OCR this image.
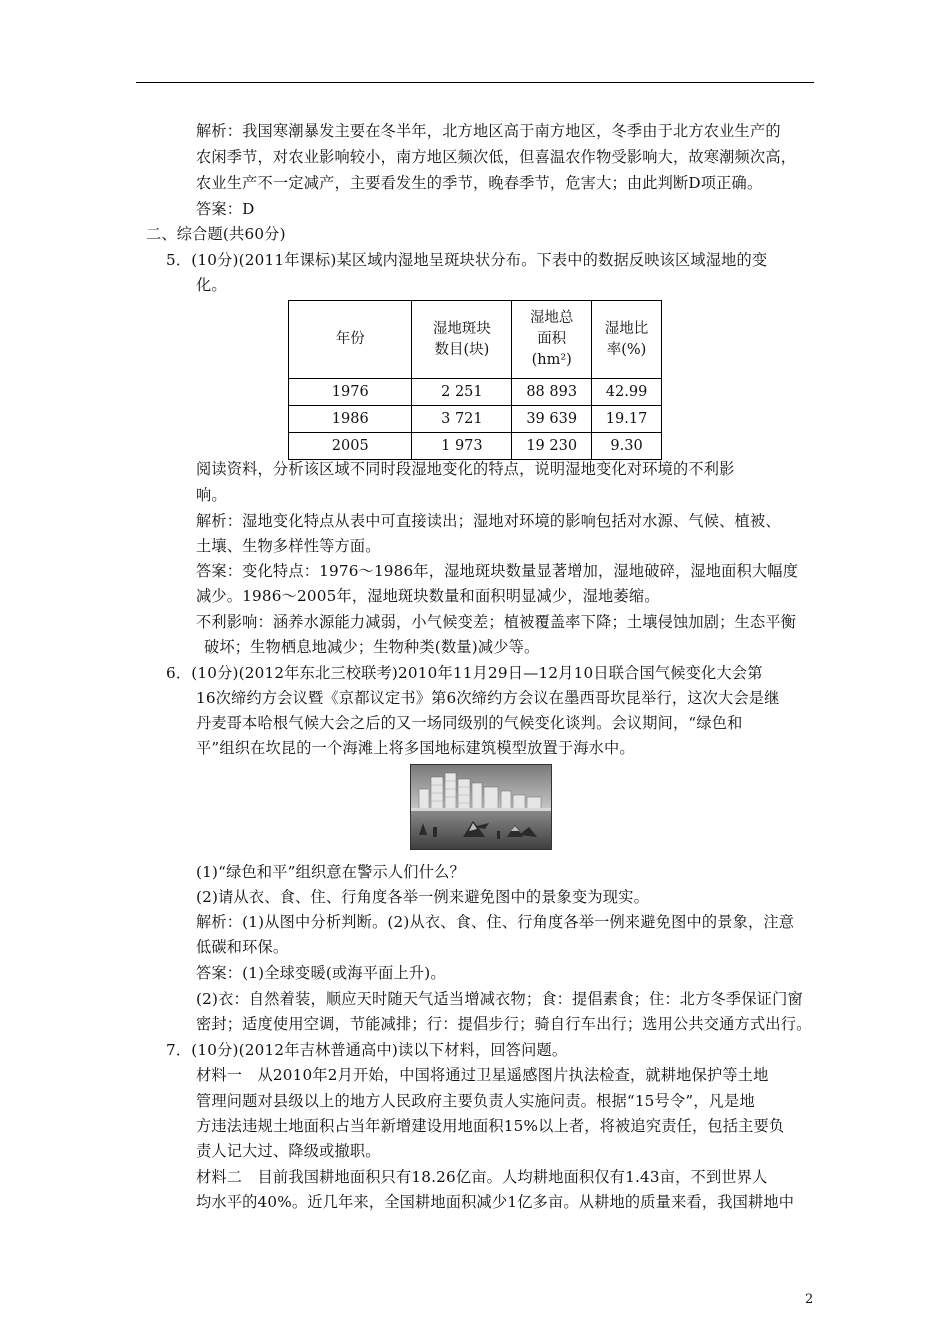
解析：我国寒潮暴发主要在冬半年，北方地区高于南方地区，冬季由于北方农业生产的
农闲季节，对农业影响较小，南方地区频次低，但喜温农作物受影响大，故寒潮频次高，
农业生产不一定减产，主要看发生的季节，晚春季节，危害大；由此判断D项正确。
答案：D
二、综合题(共60分)
5．(10分)(2011年课标)某区域内湿地呈斑块状分布。下表中的数据反映该区域湿地的变
化。
年份	湿地斑块数目(块)	湿地总面积(hm²)	湿地比率(%)

1976	2 251	88 893	42.99
1986	3 721	39 639	19.17
2005	1 973	19 230	9.30
阅读资料，分析该区域不同时段湿地变化的特点，说明湿地变化对环境的不利影
响。
解析：湿地变化特点从表中可直接读出；湿地对环境的影响包括对水源、气候、植被、
土壤、生物多样性等方面。
答案：变化特点：1976～1986年，湿地斑块数量显著增加，湿地破碎，湿地面积大幅度
减少。1986～2005年，湿地斑块数量和面积明显减少，湿地萎缩。
不利影响：涵养水源能力减弱，小气候变差；植被覆盖率下降；土壤侵蚀加剧；生态平衡
破坏；生物栖息地减少；生物种类(数量)减少等。
6．(10分)(2012年东北三校联考)2010年11月29日—12月10日联合国气候变化大会第
16次缔约方会议暨《京都议定书》第6次缔约方会议在墨西哥坎昆举行，这次大会是继
丹麦哥本哈根气候大会之后的又一场同级别的气候变化谈判。会议期间，“绿色和
平”组织在坎昆的一个海滩上将多国地标建筑模型放置于海水中。
(1)“绿色和平”组织意在警示人们什么？
(2)请从衣、食、住、行角度各举一例来避免图中的景象变为现实。
解析：(1)从图中分析判断。(2)从衣、食、住、行角度各举一例来避免图中的景象，注意
低碳和环保。
答案：(1)全球变暖(或海平面上升)。
(2)衣：自然着装，顺应天时随天气适当增减衣物；食：提倡素食；住：北方冬季保证门窗
密封；适度使用空调，节能减排；行：提倡步行；骑自行车出行；选用公共交通方式出行。
7．(10分)(2012年吉林普通高中)读以下材料，回答问题。
材料一　从2010年2月开始，中国将通过卫星遥感图片执法检查，就耕地保护等土地
管理问题对县级以上的地方人民政府主要负责人实施问责。根据“15号令”，凡是地
方违法违规土地面积占当年新增建设用地面积15%以上者，将被追究责任，包括主要负
责人记大过、降级或撤职。
材料二　目前我国耕地面积只有18.26亿亩。人均耕地面积仅有1.43亩，不到世界人
均水平的40%。近几年来，全国耕地面积减少1亿多亩。从耕地的质量来看，我国耕地中
2
